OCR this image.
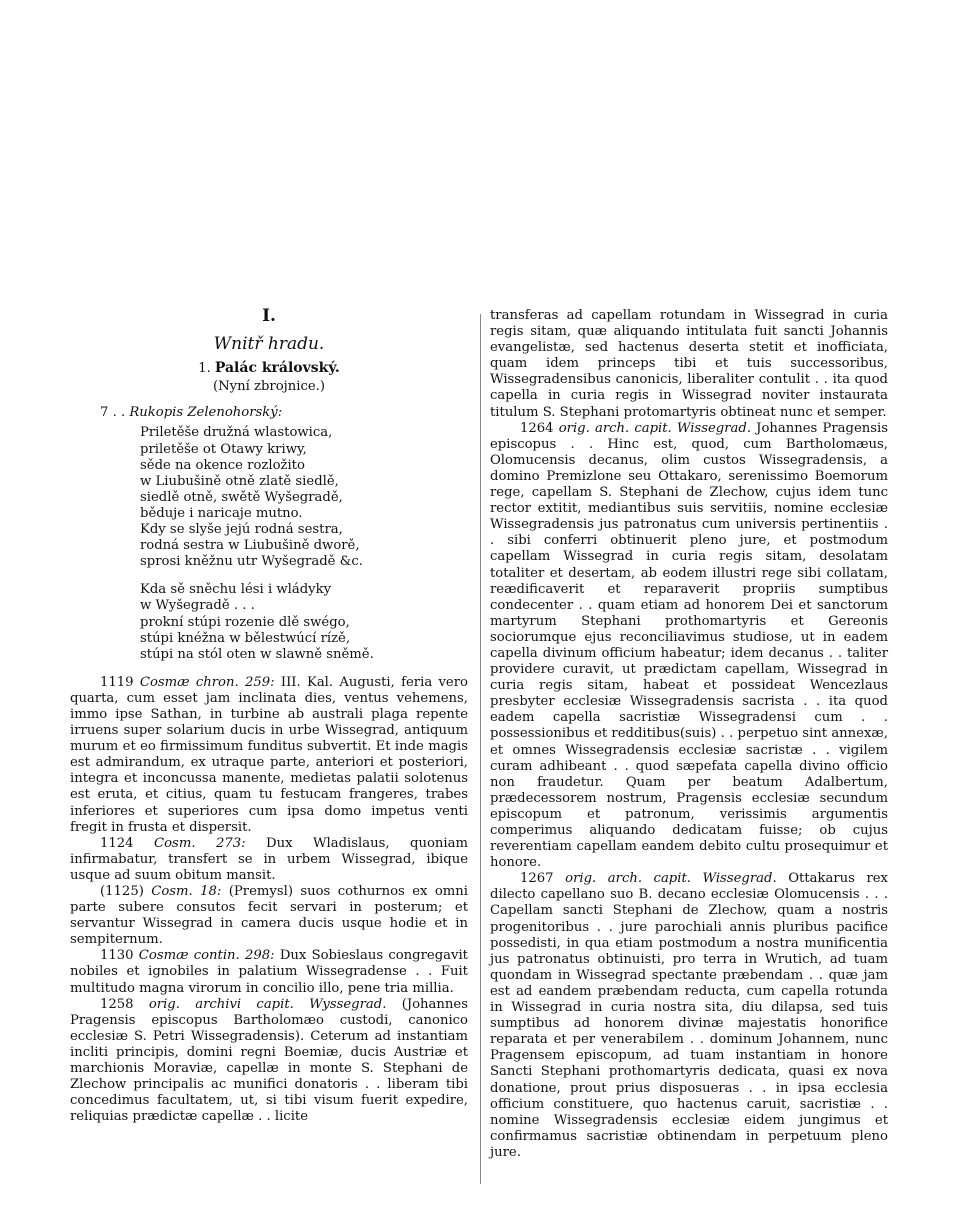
I.
Wnitř hradu.

1. Palác královský.

(Nyní zbrojnice.)

7 . . Rukopis Zelenohorský:

Priletěše družná wlastowica,

priletěše ot Otawy kriwy,

sěde na okence rozložito

w Liubušině otně zlatě siedlě,

siedlě otně, swětě Wyšegradě,

běduje i naricaje mutno.

Kdy se slyše jejú rodná sestra,

rodná sestra w Liubušině dworě,

sprosi kněžnu utr Wyšegradě &c.

Kda sě sněchu lési i wládyky

w Wyšegradě . . .

prokní stúpi rozenie dlě swégo,

stúpi knéžna w bělestwúcí rízě,

stúpi na stól oten w slawně sněmě.

1119 Cosmæ chron. 259: III. Kal. Augusti, feria vero quarta, cum esset jam inclinata dies, ventus vehemens, immo ipse Sathan, in turbine ab australi plaga repente irruens super solarium ducis in urbe Wissegrad, antiquum murum et eo firmissimum funditus subvertit. Et inde magis est admirandum, ex utraque parte, anteriori et posteriori, integra et inconcussa manente, medietas palatii solotenus est eruta, et citius, quam tu festucam frangeres, trabes inferiores et superiores cum ipsa domo impetus venti fregit in frusta et dispersit.

1124 Cosm. 273: Dux Wladislaus, quoniam infirmabatur, transfert se in urbem Wissegrad, ibique usque ad suum obitum mansit.

(1125) Cosm. 18: (Premysl) suos cothurnos ex omni parte subere consutos fecit servari in posterum; et servantur Wissegrad in camera ducis usque hodie et in sempiternum.

1130 Cosmæ contin. 298: Dux Sobieslaus congregavit nobiles et ignobiles in palatium Wissegradense . . Fuit multitudo magna virorum in concilio illo, pene tria millia.

1258 orig. archivi capit. Wyssegrad. (Johannes Pragensis episcopus Bartholomæo custodi, canonico ecclesiæ S. Petri Wissegradensis). Ceterum ad instantiam incliti principis, domini regni Boemiæ, ducis Austriæ et marchionis Moraviæ, capellæ in monte S. Stephani de Zlechow principalis ac munifici donatoris . . liberam tibi concedimus facultatem, ut, si tibi visum fuerit expedire, reliquias prædictæ capellæ . . licite

transferas ad capellam rotundam in Wissegrad in curia regis sitam, quæ aliquando intitulata fuit sancti Johannis evangelistæ, sed hactenus deserta stetit et inofficiata, quam idem princeps tibi et tuis successoribus, Wissegradensibus canonicis, liberaliter contulit . . ita quod capella in curia regis in Wissegrad noviter instaurata titulum S. Stephani protomartyris obtineat nunc et semper.

1264 orig. arch. capit. Wissegrad. Johannes Pragensis episcopus . . Hinc est, quod, cum Bartholomæus, Olomucensis decanus, olim custos Wissegradensis, a domino Premizlone seu Ottakaro, serenissimo Boemorum rege, capellam S. Stephani de Zlechow, cujus idem tunc rector extitit, mediantibus suis servitiis, nomine ecclesiæ Wissegradensis jus patronatus cum universis pertinentiis . . sibi conferri obtinuerit pleno jure, et postmodum capellam Wissegrad in curia regis sitam, desolatam totaliter et desertam, ab eodem illustri rege sibi collatam, reædificaverit et reparaverit propriis sumptibus condecenter . . quam etiam ad honorem Dei et sanctorum martyrum Stephani prothomartyris et Gereonis sociorumque ejus reconciliavimus studiose, ut in eadem capella divinum officium habeatur; idem decanus . . taliter providere curavit, ut prædictam capellam, Wissegrad in curia regis sitam, habeat et possideat Wencezlaus presbyter ecclesiæ Wissegradensis sacrista . . ita quod eadem capella sacristiæ Wissegradensi cum . . possessionibus et redditibus(suis) . . perpetuo sint annexæ, et omnes Wissegradensis ecclesiæ sacristæ . . vigilem curam adhibeant . . quod sæpefata capella divino officio non fraudetur. Quam per beatum Adalbertum, prædecessorem nostrum, Pragensis ecclesiæ secundum episcopum et patronum, verissimis argumentis comperimus aliquando dedicatam fuisse; ob cujus reverentiam capellam eandem debito cultu prosequimur et honore.

1267 orig. arch. capit. Wissegrad. Ottakarus rex dilecto capellano suo B. decano ecclesiæ Olomucensis . . . Capellam sancti Stephani de Zlechow, quam a nostris progenitoribus . . jure parochiali annis pluribus pacifice possedisti, in qua etiam postmodum a nostra munificentia jus patronatus obtinuisti, pro terra in Wrutich, ad tuam quondam in Wissegrad spectante præbendam . . quæ jam est ad eandem præbendam reducta, cum capella rotunda in Wissegrad in curia nostra sita, diu dilapsa, sed tuis sumptibus ad honorem divinæ majestatis honorifice reparata et per venerabilem . . dominum Johannem, nunc Pragensem episcopum, ad tuam instantiam in honore Sancti Stephani prothomartyris dedicata, quasi ex nova donatione, prout prius disposueras . . in ipsa ecclesia officium constituere, quo hactenus caruit, sacristiæ . . nomine Wissegradensis ecclesiæ eidem jungimus et confirmamus sacristiæ obtinendam in perpetuum pleno jure.
